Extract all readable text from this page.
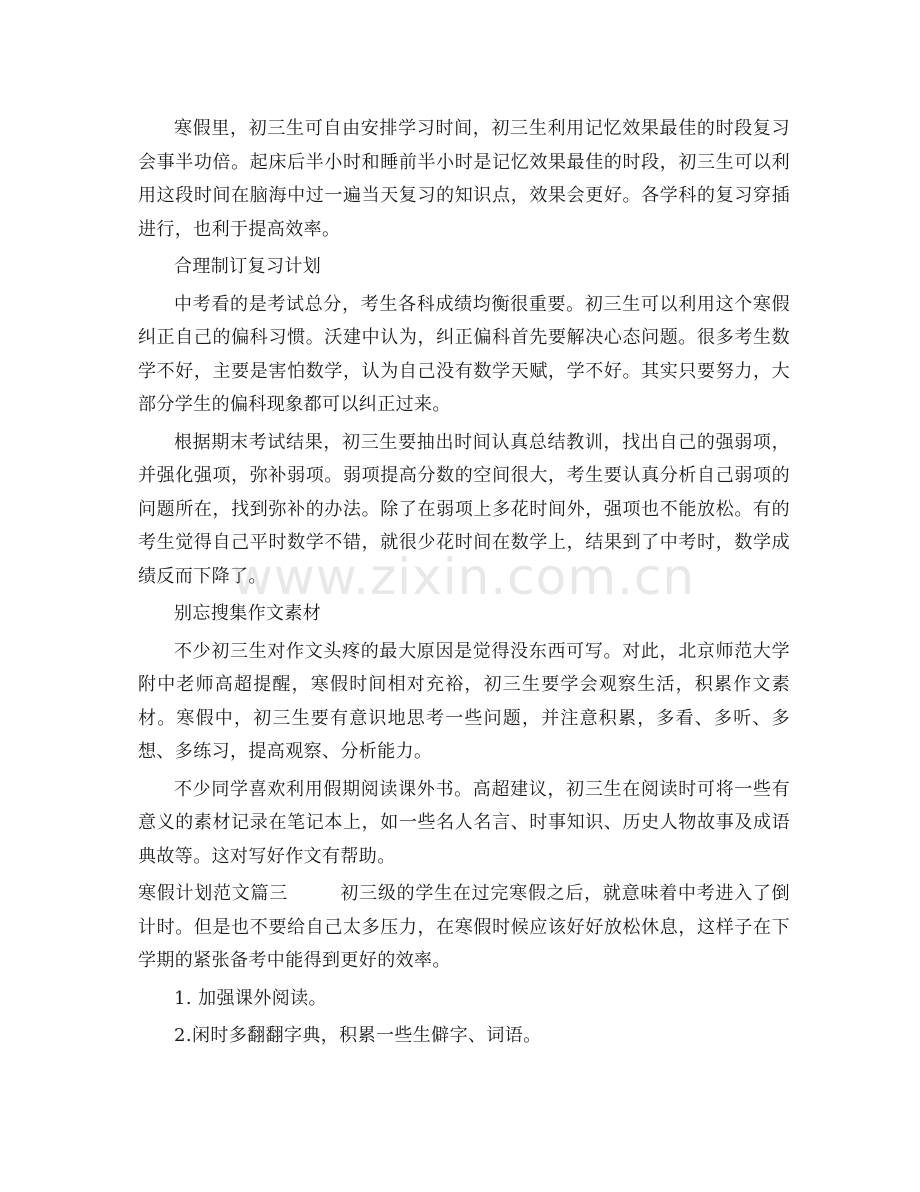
寒假里，初三生可自由安排学习时间，初三生利用记忆效果最佳的时段复习会事半功倍。起床后半小时和睡前半小时是记忆效果最佳的时段，初三生可以利用这段时间在脑海中过一遍当天复习的知识点，效果会更好。各学科的复习穿插进行，也利于提高效率。

合理制订复习计划

中考看的是考试总分，考生各科成绩均衡很重要。初三生可以利用这个寒假纠正自己的偏科习惯。沃建中认为，纠正偏科首先要解决心态问题。很多考生数学不好，主要是害怕数学，认为自己没有数学天赋，学不好。其实只要努力，大部分学生的偏科现象都可以纠正过来。

根据期末考试结果，初三生要抽出时间认真总结教训，找出自己的强弱项，并强化强项，弥补弱项。弱项提高分数的空间很大，考生要认真分析自己弱项的问题所在，找到弥补的办法。除了在弱项上多花时间外，强项也不能放松。有的考生觉得自己平时数学不错，就很少花时间在数学上，结果到了中考时，数学成绩反而下降了。

别忘搜集作文素材

不少初三生对作文头疼的最大原因是觉得没东西可写。对此，北京师范大学附中老师高超提醒，寒假时间相对充裕，初三生要学会观察生活，积累作文素材。寒假中，初三生要有意识地思考一些问题，并注意积累，多看、多听、多想、多练习，提高观察、分析能力。

不少同学喜欢利用假期阅读课外书。高超建议，初三生在阅读时可将一些有意义的素材记录在笔记本上，如一些名人名言、时事知识、历史人物故事及成语典故等。这对写好作文有帮助。

寒假计划范文篇三	初三级的学生在过完寒假之后，就意味着中考进入了倒计时。但是也不要给自己太多压力，在寒假时候应该好好放松休息，这样子在下学期的紧张备考中能得到更好的效率。

1. 加强课外阅读。

2.闲时多翻翻字典，积累一些生僻字、词语。

www.zixin.com.cn
